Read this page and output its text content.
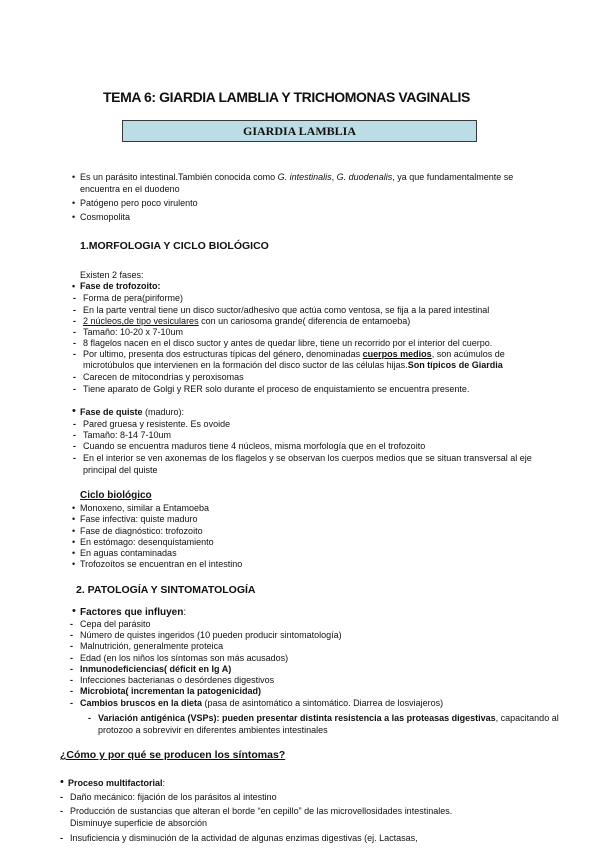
TEMA 6: GIARDIA LAMBLIA Y TRICHOMONAS VAGINALIS
GIARDIA LAMBLIA
• Es un parásito intestinal.También conocida como G. intestinalis, G. duodenalis, ya que fundamentalmente se
encuentra en el duodeno
• Patógeno pero poco virulento
• Cosmopolita
1.MORFOLOGIA Y CICLO BIOLÓGICO
Existen 2 fases:
• Fase de trofozoito:
- Forma de pera(piriforme)
- En la parte ventral tiene un disco suctor/adhesivo que actúa como ventosa, se fija a la pared intestinal
- 2 núcleos,de tipo vesiculares con un cariosoma grande( diferencia de entamoeba)
- Tamaño: 10-20 x 7-10um
- 8 flagelos nacen en el disco suctor y antes de quedar libre, tiene un recorrido por el interior del cuerpo.
- Por ultimo, presenta dos estructuras típicas del género, denominadas cuerpos medios, son acúmulos de
microtúbulos que intervienen en la formación del disco suctor de las células hijas.Son típicos de Giardia
- Carecen de mitocondrias y peroxisomas
- Tiene aparato de Golgi y RER solo durante el proceso de enquistamiento se encuentra presente.
• Fase de quiste (maduro):
- Pared gruesa y resistente. Es ovoide
- Tamaño: 8-14 7-10um
- Cuando se encuentra maduros tiene 4 núcleos, misma morfología que en el trofozoito
- En el interior se ven axonemas de los flagelos y se observan los cuerpos medios que se situan transversal al eje
principal del quiste
Ciclo biológico
• Monoxeno, similar a Entamoeba
• Fase infectiva: quiste maduro
• Fase de diagnóstico: trofozoito
• En estómago: desenquistamiento
• En aguas contaminadas
• Trofozoítos se encuentran en el intestino
2. PATOLOGÍA Y SINTOMATOLOGÍA
• Factores que influyen:
- Cepa del parásito
- Número de quistes ingeridos (10 pueden producir sintomatología)
- Malnutrición, generalmente proteica
- Edad (en los niños los síntomas son más acusados)
- Inmunodeficiencias( déficit en Ig A)
- Infecciones bacterianas o desórdenes digestivos
- Microbiota( incrementan la patogenicidad)
- Cambios bruscos en la dieta (pasa de asintomático a sintomático. Diarrea de losviajeros)
- Variación antigénica (VSPs): pueden presentar distinta resistencia a las proteasas digestivas, capacitando al
protozoo a sobrevivir en diferentes ambientes intestinales
¿Cómo y por qué se producen los síntomas?
• Proceso multifactorial:
- Daño mecánico: fijación de los parásitos al intestino
- Producción de sustancias que alteran el borde “en cepillo” de las microvellosidades intestinales.
Disminuye superficie de absorción
- Insuficiencia y disminución de la actividad de algunas enzimas digestivas (ej. Lactasas,
